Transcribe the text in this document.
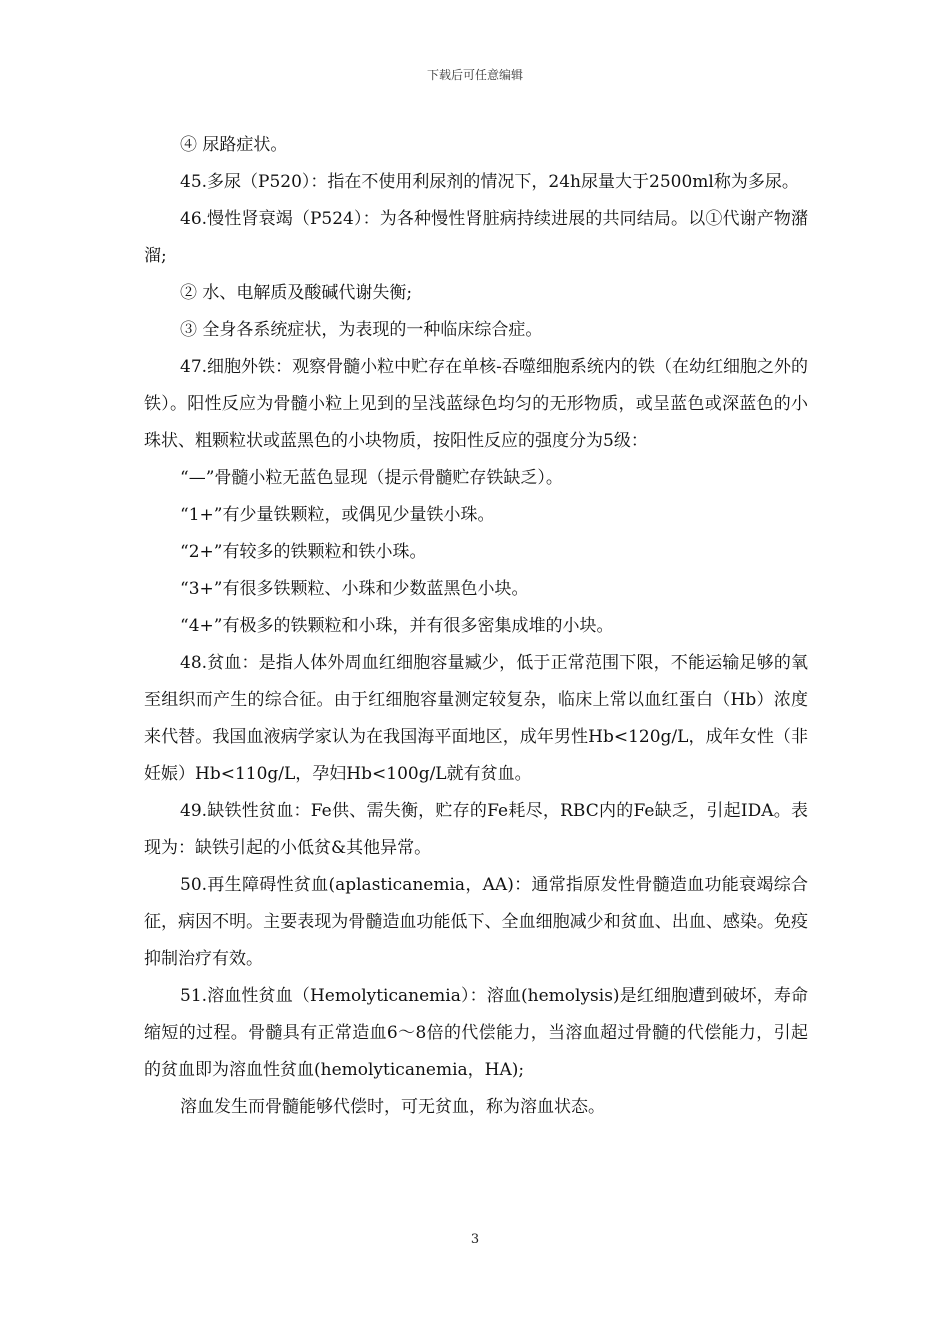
下载后可任意编辑

④ 尿路症状。

45.多尿（P520）：指在不使用利尿剂的情况下，24h尿量大于2500ml称为多尿。

46.慢性肾衰竭（P524）：为各种慢性肾脏病持续进展的共同结局。以①代谢产物潴溜;

② 水、电解质及酸碱代谢失衡;

③ 全身各系统症状，为表现的一种临床综合症。

47.细胞外铁：观察骨髓小粒中贮存在单核-吞噬细胞系统内的铁（在幼红细胞之外的铁）。阳性反应为骨髓小粒上见到的呈浅蓝绿色均匀的无形物质，或呈蓝色或深蓝色的小珠状、粗颗粒状或蓝黑色的小块物质，按阳性反应的强度分为5级：

“—”骨髓小粒无蓝色显现（提示骨髓贮存铁缺乏）。

“1+”有少量铁颗粒，或偶见少量铁小珠。

“2+”有较多的铁颗粒和铁小珠。

“3+”有很多铁颗粒、小珠和少数蓝黑色小块。

“4+”有极多的铁颗粒和小珠，并有很多密集成堆的小块。

48.贫血：是指人体外周血红细胞容量臧少，低于正常范围下限，不能运输足够的氧至组织而产生的综合征。由于红细胞容量测定较复杂，临床上常以血红蛋白（Hb）浓度来代替。我国血液病学家认为在我国海平面地区，成年男性Hb<120g/L，成年女性（非妊娠）Hb<110g/L，孕妇Hb<100g/L就有贫血。

49.缺铁性贫血：Fe供、需失衡，贮存的Fe耗尽，RBC内的Fe缺乏，引起IDA。表现为：缺铁引起的小低贫&其他异常。

50.再生障碍性贫血(aplasticanemia，AA)：通常指原发性骨髓造血功能衰竭综合征，病因不明。主要表现为骨髓造血功能低下、全血细胞减少和贫血、出血、感染。免疫抑制治疗有效。

51.溶血性贫血（Hemolyticanemia）：溶血(hemolysis)是红细胞遭到破坏，寿命缩短的过程。骨髓具有正常造血6～8倍的代偿能力，当溶血超过骨髓的代偿能力，引起的贫血即为溶血性贫血(hemolyticanemia，HA);

溶血发生而骨髓能够代偿时，可无贫血，称为溶血状态。

3
